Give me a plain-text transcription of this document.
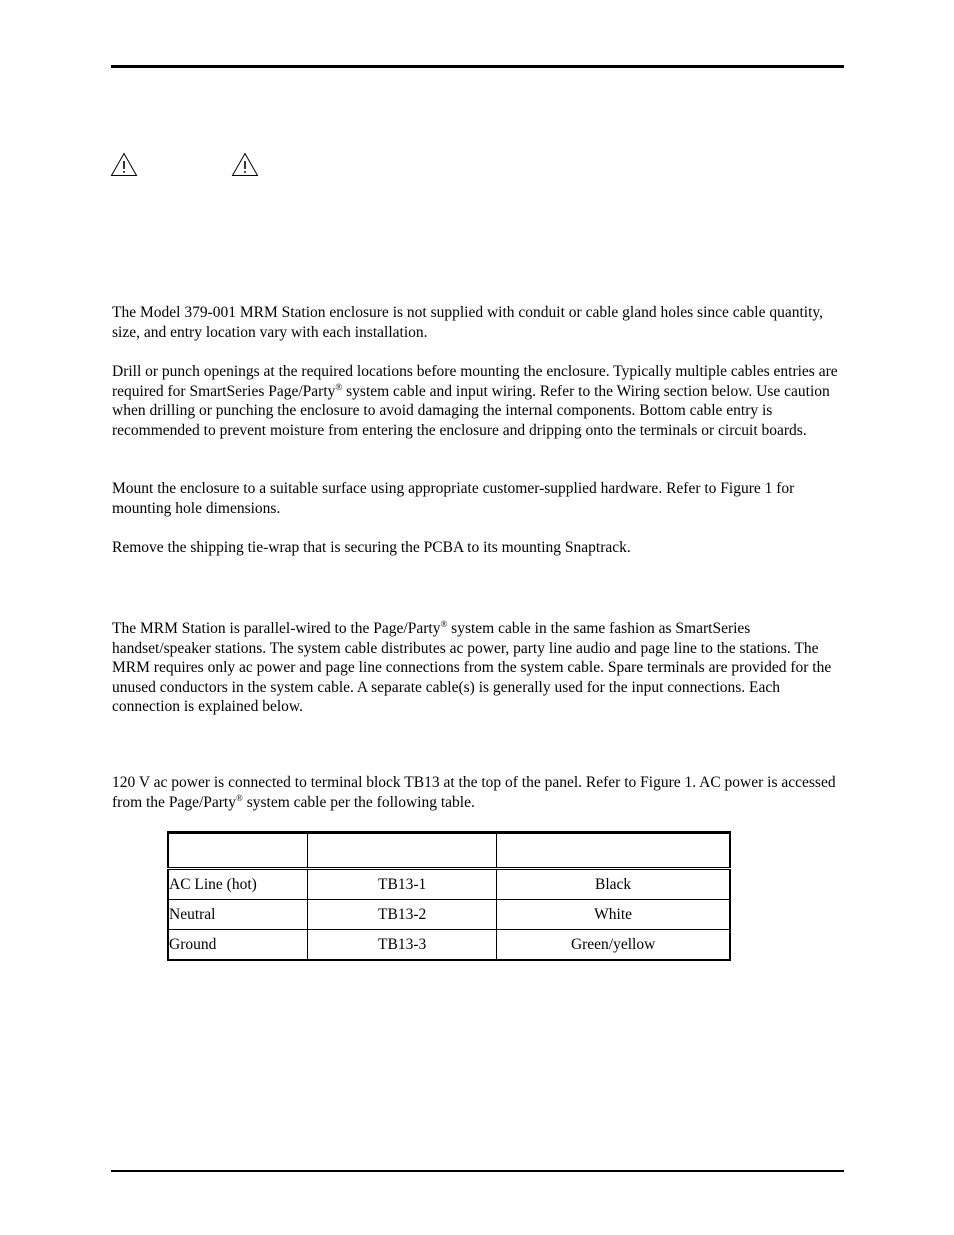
The Model 379-001 MRM Station enclosure is not supplied with conduit or cable gland holes since cable quantity, size, and entry location vary with each installation.

Drill or punch openings at the required locations before mounting the enclosure. Typically multiple cables entries are required for SmartSeries Page/Party® system cable and input wiring. Refer to the Wiring section below. Use caution when drilling or punching the enclosure to avoid damaging the internal components. Bottom cable entry is recommended to prevent moisture from entering the enclosure and dripping onto the terminals or circuit boards.

Mount the enclosure to a suitable surface using appropriate customer-supplied hardware. Refer to Figure 1 for mounting hole dimensions.

Remove the shipping tie-wrap that is securing the PCBA to its mounting Snaptrack.

The MRM Station is parallel-wired to the Page/Party® system cable in the same fashion as SmartSeries handset/speaker stations. The system cable distributes ac power, party line audio and page line to the stations. The MRM requires only ac power and page line connections from the system cable. Spare terminals are provided for the unused conductors in the system cable. A separate cable(s) is generally used for the input connections. Each connection is explained below.

120 V ac power is connected to terminal block TB13 at the top of the panel. Refer to Figure 1. AC power is accessed from the Page/Party® system cable per the following table.

AC Line (hot)	TB13-1	Black
Neutral	TB13-2	White
Ground	TB13-3	Green/yellow
